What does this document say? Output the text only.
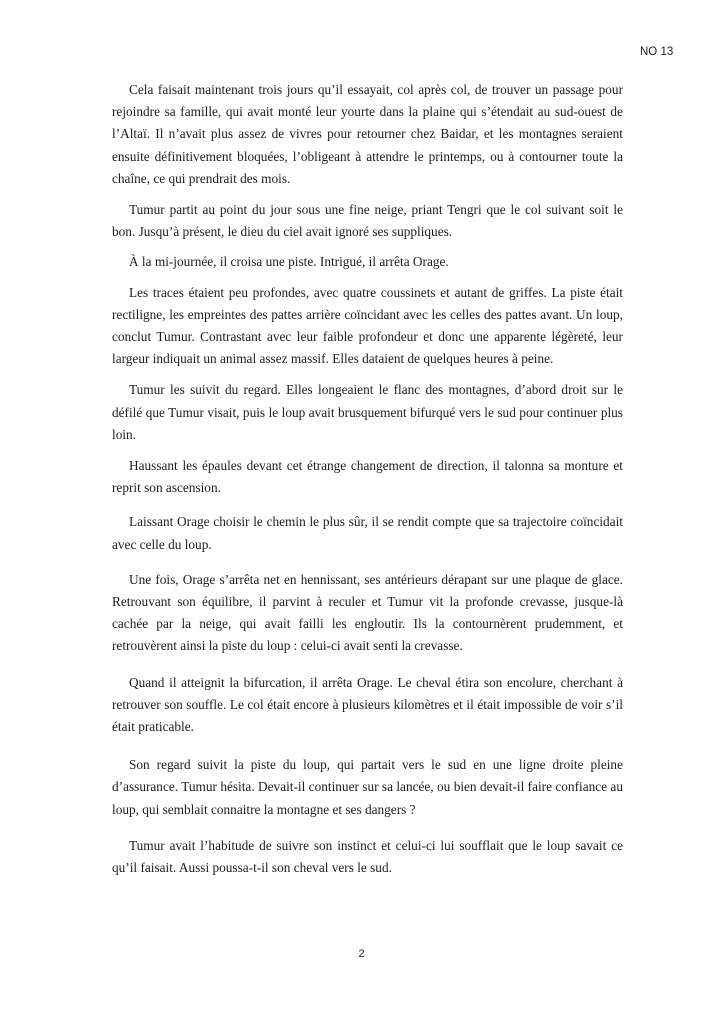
NO 13

Cela faisait maintenant trois jours qu’il essayait, col après col, de trouver un passage pour rejoindre sa famille, qui avait monté leur yourte dans la plaine qui s’étendait au sud-ouest de l’Altaï. Il n’avait plus assez de vivres pour retourner chez Baidar, et les montagnes seraient ensuite définitivement bloquées, l’obligeant à attendre le printemps, ou à contourner toute la chaîne, ce qui prendrait des mois.

Tumur partit au point du jour sous une fine neige, priant Tengri que le col suivant soit le bon. Jusqu’à présent, le dieu du ciel avait ignoré ses suppliques.

À la mi-journée, il croisa une piste. Intrigué, il arrêta Orage.

Les traces étaient peu profondes, avec quatre coussinets et autant de griffes. La piste était rectiligne, les empreintes des pattes arrière coïncidant avec les celles des pattes avant. Un loup, conclut Tumur. Contrastant avec leur faible profondeur et donc une apparente légèreté, leur largeur indiquait un animal assez massif. Elles dataient de quelques heures à peine.

Tumur les suivit du regard. Elles longeaient le flanc des montagnes, d’abord droit sur le défilé que Tumur visait, puis le loup avait brusquement bifurqué vers le sud pour continuer plus loin.

Haussant les épaules devant cet étrange changement de direction, il talonna sa monture et reprit son ascension.

Laissant Orage choisir le chemin le plus sûr, il se rendit compte que sa trajectoire coïncidait avec celle du loup.

Une fois, Orage s’arrêta net en hennissant, ses antérieurs dérapant sur une plaque de glace. Retrouvant son équilibre, il parvint à reculer et Tumur vit la profonde crevasse, jusque-là cachée par la neige, qui avait failli les engloutir. Ils la contournèrent prudemment, et retrouvèrent ainsi la piste du loup : celui-ci avait senti la crevasse.

Quand il atteignit la bifurcation, il arrêta Orage. Le cheval étira son encolure, cherchant à retrouver son souffle. Le col était encore à plusieurs kilomètres et il était impossible de voir s’il était praticable.

Son regard suivit la piste du loup, qui partait vers le sud en une ligne droite pleine d’assurance. Tumur hésita. Devait-il continuer sur sa lancée, ou bien devait-il faire confiance au loup, qui semblait connaitre la montagne et ses dangers ?

Tumur avait l’habitude de suivre son instinct et celui-ci lui soufflait que le loup savait ce qu’il faisait. Aussi poussa-t-il son cheval vers le sud.

2
